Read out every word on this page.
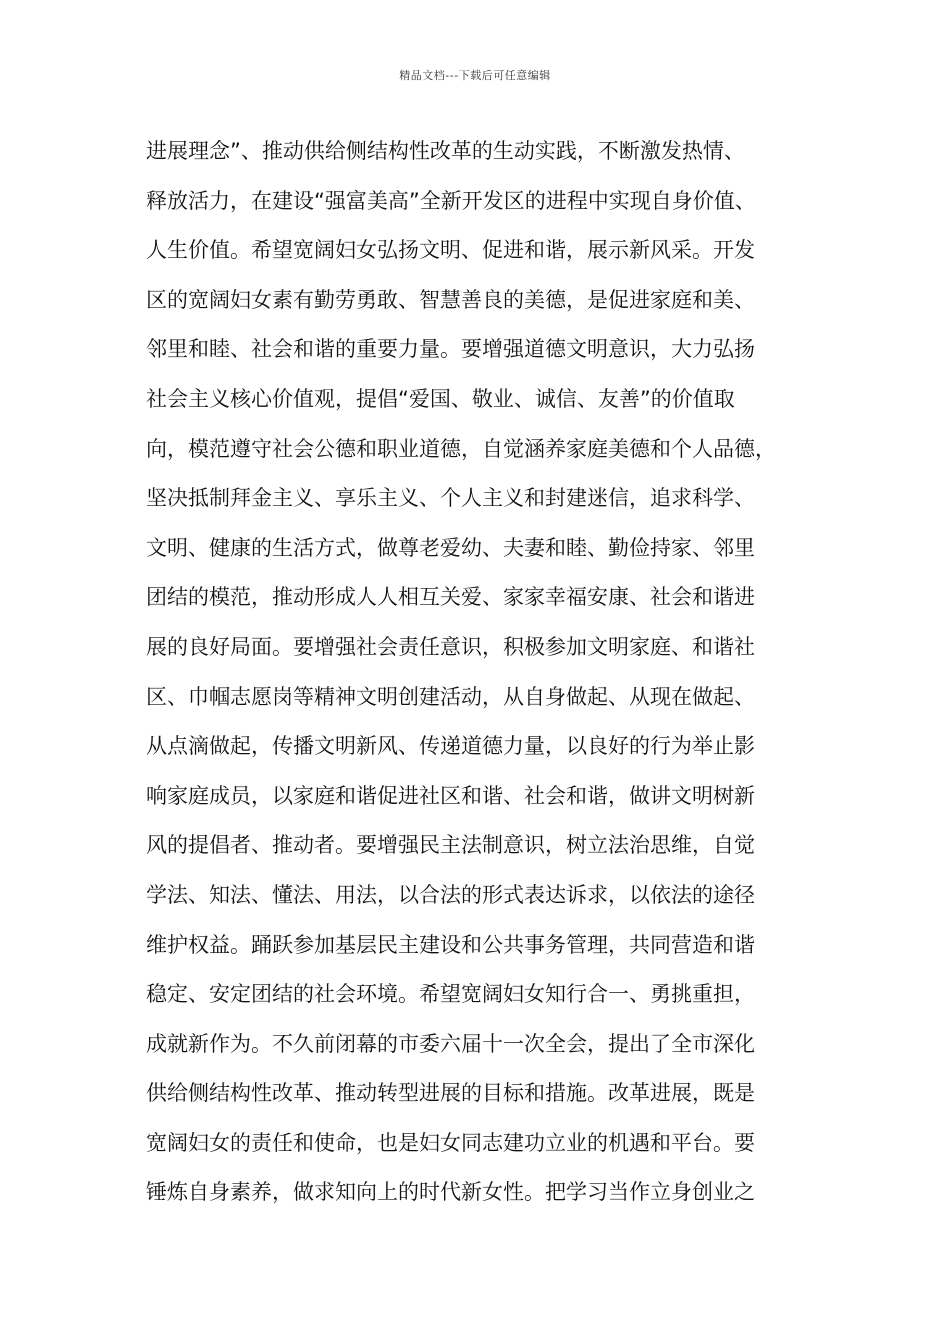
精品文档---下载后可任意编辑
进展理念”、推动供给侧结构性改革的生动实践，不断激发热情、
释放活力，在建设“强富美高”全新开发区的进程中实现自身价值、
人生价值。希望宽阔妇女弘扬文明、促进和谐，展示新风采。开发
区的宽阔妇女素有勤劳勇敢、智慧善良的美德，是促进家庭和美、
邻里和睦、社会和谐的重要力量。要增强道德文明意识，大力弘扬
社会主义核心价值观，提倡“爱国、敬业、诚信、友善”的价值取
向，模范遵守社会公德和职业道德，自觉涵养家庭美德和个人品德，
坚决抵制拜金主义、享乐主义、个人主义和封建迷信，追求科学、
文明、健康的生活方式，做尊老爱幼、夫妻和睦、勤俭持家、邻里
团结的模范，推动形成人人相互关爱、家家幸福安康、社会和谐进
展的良好局面。要增强社会责任意识，积极参加文明家庭、和谐社
区、巾帼志愿岗等精神文明创建活动，从自身做起、从现在做起、
从点滴做起，传播文明新风、传递道德力量，以良好的行为举止影
响家庭成员，以家庭和谐促进社区和谐、社会和谐，做讲文明树新
风的提倡者、推动者。要增强民主法制意识，树立法治思维，自觉
学法、知法、懂法、用法，以合法的形式表达诉求，以依法的途径
维护权益。踊跃参加基层民主建设和公共事务管理，共同营造和谐
稳定、安定团结的社会环境。希望宽阔妇女知行合一、勇挑重担，
成就新作为。不久前闭幕的市委六届十一次全会，提出了全市深化
供给侧结构性改革、推动转型进展的目标和措施。改革进展，既是
宽阔妇女的责任和使命，也是妇女同志建功立业的机遇和平台。要
锤炼自身素养，做求知向上的时代新女性。把学习当作立身创业之
